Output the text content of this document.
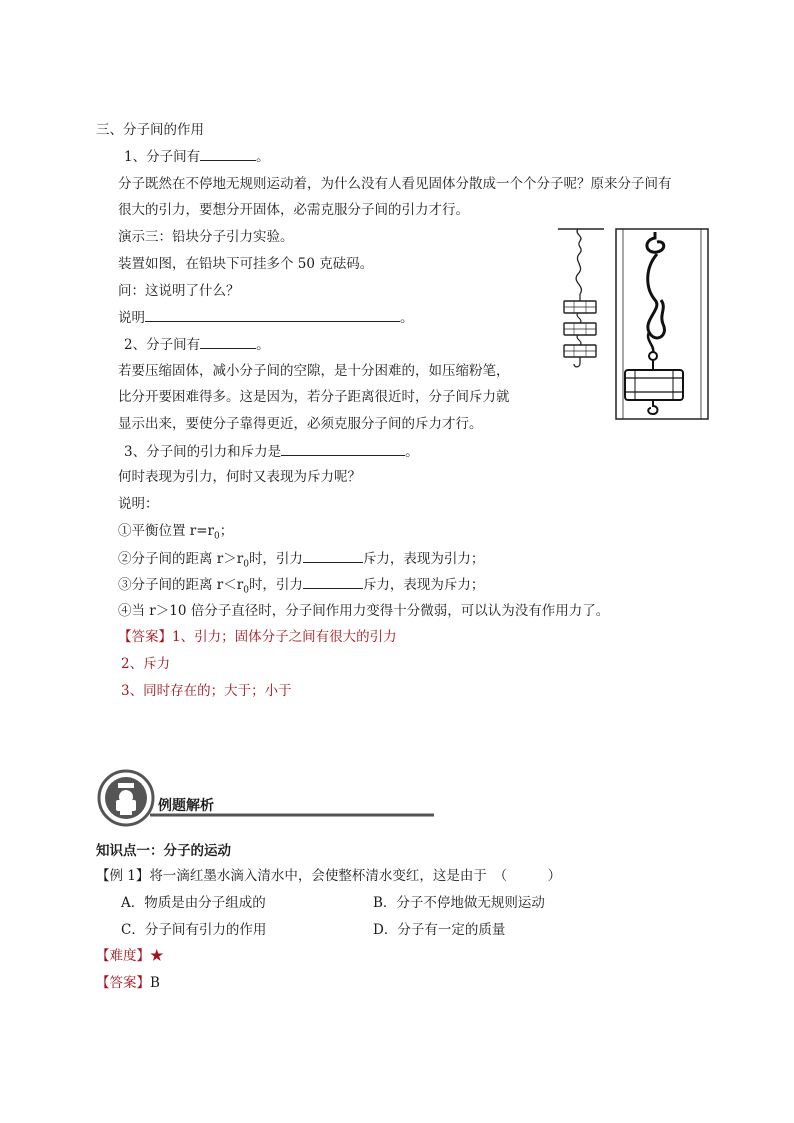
三、分子间的作用
1、分子间有	。
分子既然在不停地无规则运动着，为什么没有人看见固体分散成一个个分子呢？原来分子间有
很大的引力，要想分开固体，必需克服分子间的引力才行。
演示三：铅块分子引力实验。
装置如图，在铅块下可挂多个 50 克砝码。
问：这说明了什么？
说明	。
2、分子间有	。
若要压缩固体，减小分子间的空隙，是十分困难的，如压缩粉笔，
比分开要困难得多。这是因为，若分子距离很近时，分子间斥力就
显示出来，要使分子靠得更近，必须克服分子间的斥力才行。
3、分子间的引力和斥力是	。
何时表现为引力，何时又表现为斥力呢？
说明：
①平衡位置 $r=r_0$；
②分子间的距离 $r>r_0$时，引力	斥力，表现为引力；
③分子间的距离 $r<r_0$时，引力	斥力，表现为斥力；
④当 r＞10 倍分子直径时，分子间作用力变得十分微弱，可以认为没有作用力了。
【答案】1、引力；固体分子之间有很大的引力
2、斥力
3、同时存在的；大于；小于
例题解析
知识点一：分子的运动
【例 1】将一滴红墨水滴入清水中，会使整杯清水变红，这是由于　（　　　）
A．物质是由分子组成的	B．分子不停地做无规则运动
C．分子间有引力的作用	D．分子有一定的质量
【难度】★
【答案】B
